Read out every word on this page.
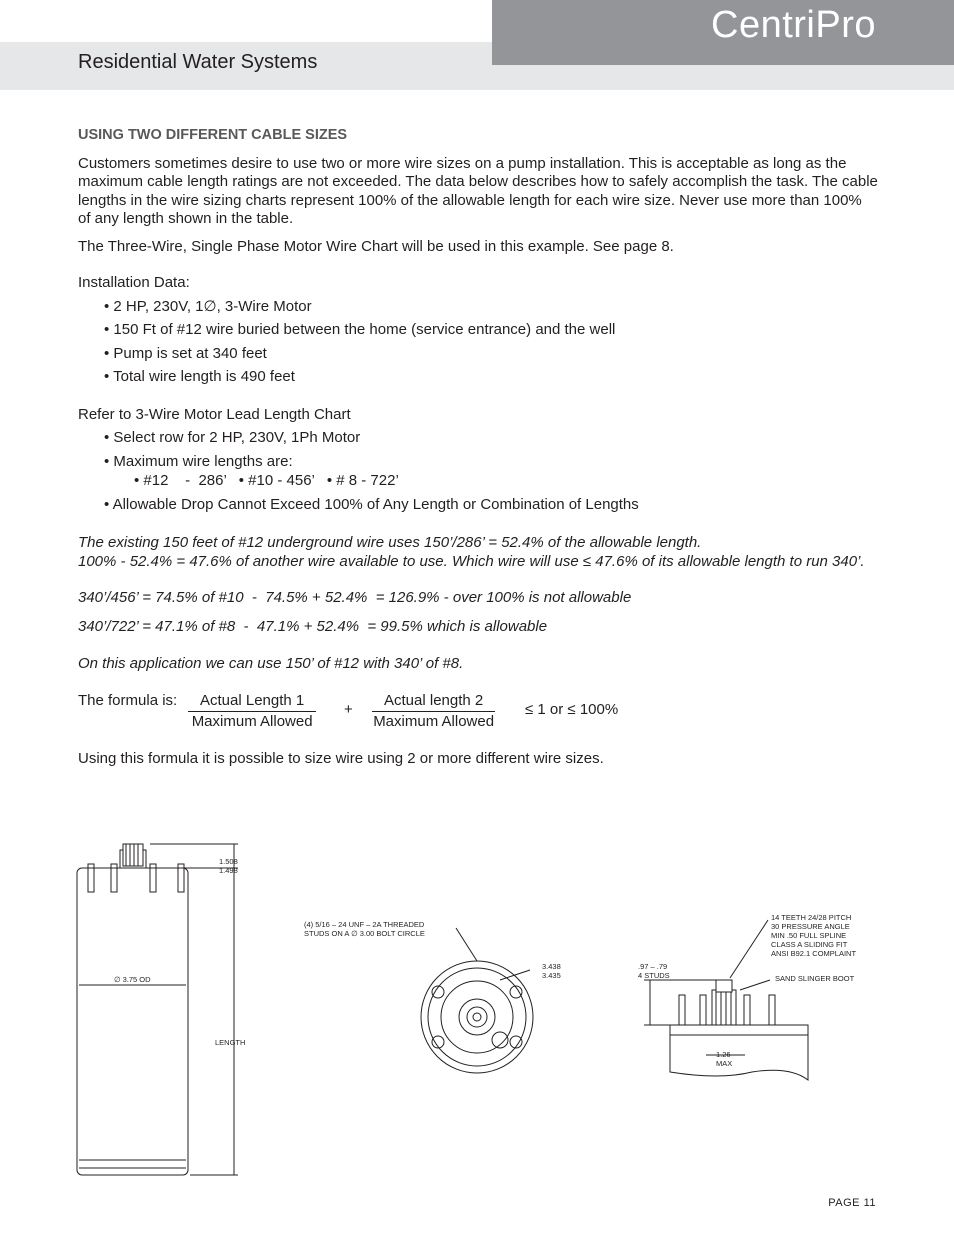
CentriPro
Residential Water Systems

USING TWO DIFFERENT CABLE SIZES

Customers sometimes desire to use two or more wire sizes on a pump installation. This is acceptable as long as the maximum cable length ratings are not exceeded. The data below describes how to safely accomplish the task. The cable lengths in the wire sizing charts represent 100% of the allowable length for each wire size. Never use more than 100% of any length shown in the table.

The Three-Wire, Single Phase Motor Wire Chart will be used in this example. See page 8.

Installation Data:

• 2 HP, 230V, 1∅, 3-Wire Motor
• 150 Ft of #12 wire buried between the home (service entrance) and the well
• Pump is set at 340 feet
• Total wire length is 490 feet

Refer to 3-Wire Motor Lead Length Chart

• Select row for 2 HP, 230V, 1Ph Motor
• Maximum wire lengths are:
• #12    -  286’   • #10 - 456’   • # 8 - 722’
• Allowable Drop Cannot Exceed 100% of Any Length or Combination of Lengths

The existing 150 feet of #12 underground wire uses 150’/286’ = 52.4% of the allowable length.

100% - 52.4% = 47.6% of another wire available to use. Which wire will use ≤ 47.6% of its allowable length to run 340’.

340’/456’ = 74.5% of #10  -  74.5% + 52.4%  = 126.9% - over 100% is not allowable

340’/722’ = 47.1% of #8  -  47.1% + 52.4%  = 99.5% which is allowable

On this application we can use 150’ of #12 with 340’ of #8.

The formula is:	Actual Length 1
Maximum Allowed
+
Actual length 2
Maximum Allowed
≤ 1 or ≤ 100%

Using this formula it is possible to size wire using 2 or more different wire sizes.

1.508
1.498
∅ 3.75 OD
LENGTH
(4) 5/16 – 24 UNF – 2A THREADED
STUDS ON A ∅ 3.00 BOLT CIRCLE
3.438
3.435
14 TEETH 24/28 PITCH
30 PRESSURE ANGLE
MIN .50 FULL SPLINE
CLASS A SLIDING FIT
ANSI B92.1 COMPLAINT
SAND SLINGER BOOT
.97 – .79
4 STUDS
1.26
MAX
PAGE 11
